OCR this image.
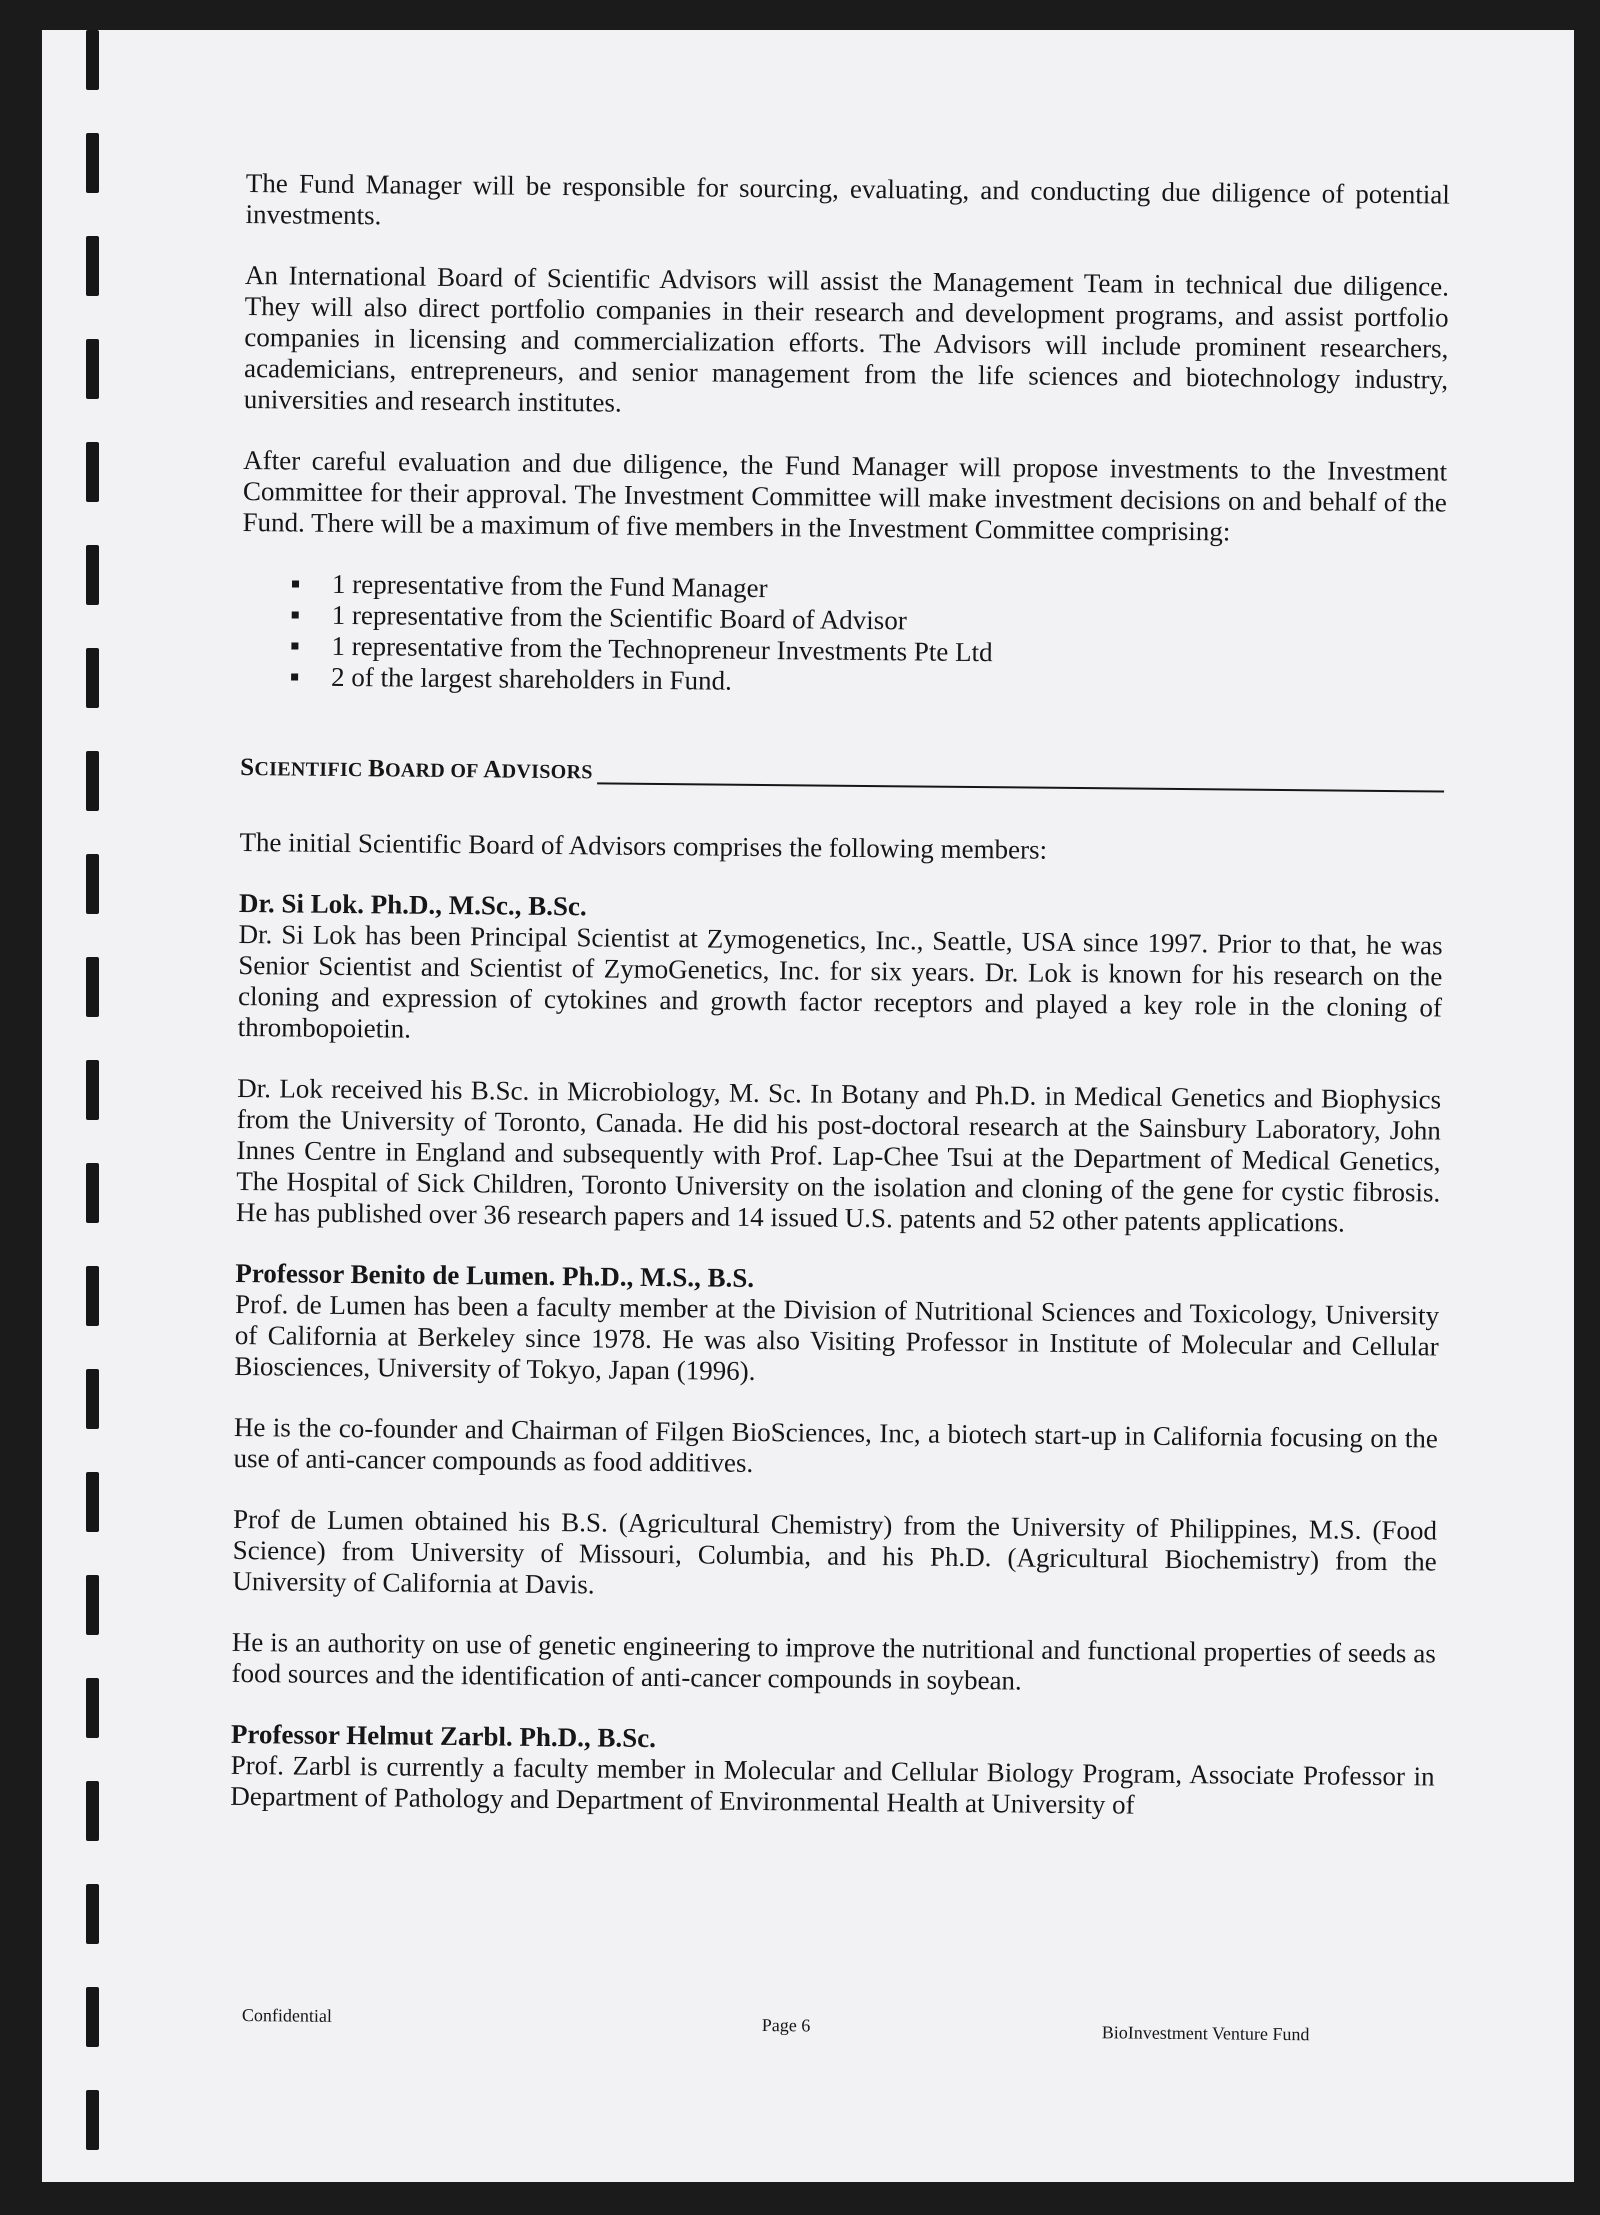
The Fund Manager will be responsible for sourcing, evaluating, and conducting due diligence of potential investments.

An International Board of Scientific Advisors will assist the Management Team in technical due diligence. They will also direct portfolio companies in their research and development programs, and assist portfolio companies in licensing and commercialization efforts. The Advisors will include prominent researchers, academicians, entrepreneurs, and senior management from the life sciences and biotechnology industry, universities and research institutes.

After careful evaluation and due diligence, the Fund Manager will propose investments to the Investment Committee for their approval. The Investment Committee will make investment decisions on and behalf of the Fund. There will be a maximum of five members in the Investment Committee comprising:

1 representative from the Fund Manager
1 representative from the Scientific Board of Advisor
1 representative from the Technopreneur Investments Pte Ltd
2 of the largest shareholders in Fund.
SCIENTIFIC BOARD OF ADVISORS

The initial Scientific Board of Advisors comprises the following members:

Dr. Si Lok. Ph.D., M.Sc., B.Sc.

Dr. Si Lok has been Principal Scientist at Zymogenetics, Inc., Seattle, USA since 1997. Prior to that, he was Senior Scientist and Scientist of ZymoGenetics, Inc. for six years. Dr. Lok is known for his research on the cloning and expression of cytokines and growth factor receptors and played a key role in the cloning of thrombopoietin.

Dr. Lok received his B.Sc. in Microbiology, M. Sc. In Botany and Ph.D. in Medical Genetics and Biophysics from the University of Toronto, Canada. He did his post-doctoral research at the Sainsbury Laboratory, John Innes Centre in England and subsequently with Prof. Lap-Chee Tsui at the Department of Medical Genetics, The Hospital of Sick Children, Toronto University on the isolation and cloning of the gene for cystic fibrosis. He has published over 36 research papers and 14 issued U.S. patents and 52 other patents applications.

Professor Benito de Lumen. Ph.D., M.S., B.S.

Prof. de Lumen has been a faculty member at the Division of Nutritional Sciences and Toxicology, University of California at Berkeley since 1978. He was also Visiting Professor in Institute of Molecular and Cellular Biosciences, University of Tokyo, Japan (1996).

He is the co-founder and Chairman of Filgen BioSciences, Inc, a biotech start-up in California focusing on the use of anti-cancer compounds as food additives.

Prof de Lumen obtained his B.S. (Agricultural Chemistry) from the University of Philippines, M.S. (Food Science) from University of Missouri, Columbia, and his Ph.D. (Agricultural Biochemistry) from the University of California at Davis.

He is an authority on use of genetic engineering to improve the nutritional and functional properties of seeds as food sources and the identification of anti-cancer compounds in soybean.

Professor Helmut Zarbl. Ph.D., B.Sc.

Prof. Zarbl is currently a faculty member in Molecular and Cellular Biology Program, Associate Professor in Department of Pathology and Department of Environmental Health at University of

Confidential	Page 6	BioInvestment Venture Fund
